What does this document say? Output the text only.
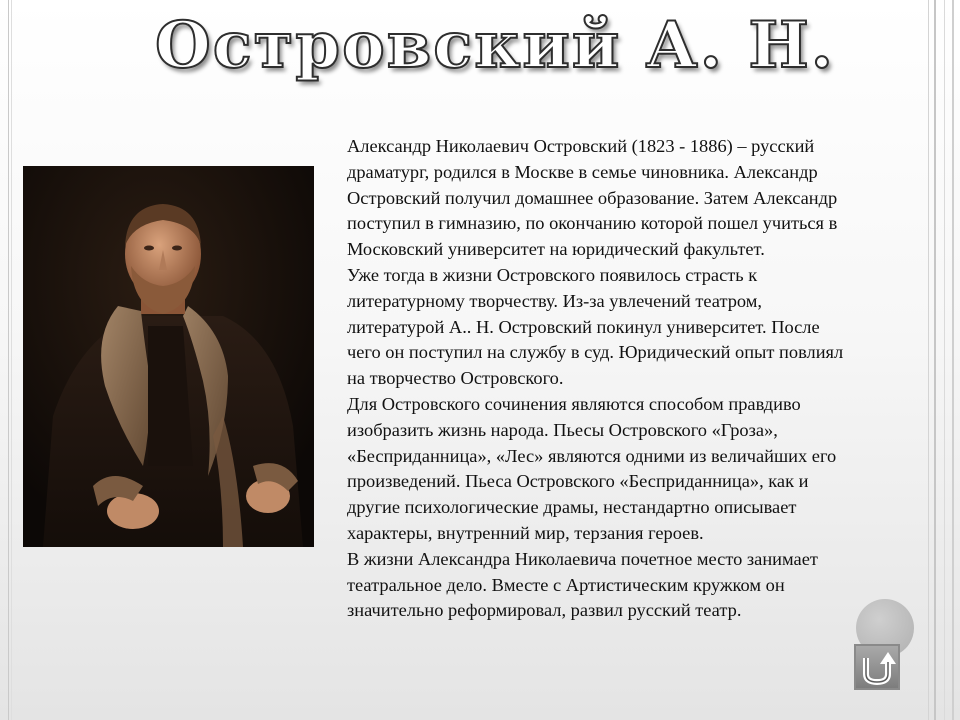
Островский А. Н.

Александр Николаевич Островский (1823 - 1886) – русский

драматург, родился в Москве в семье чиновника. Александр

Островский получил домашнее образование. Затем Александр

поступил в гимназию, по окончанию которой пошел учиться в

Московский университет на юридический факультет.

Уже тогда в жизни Островского появилось страсть к

литературному творчеству. Из-за увлечений театром,

литературой А.. Н. Островский покинул университет. После

чего он поступил на службу в суд. Юридический опыт повлиял

на творчество Островского.

Для Островского сочинения являются способом правдиво

изобразить жизнь народа. Пьесы Островского «Гроза»,

«Бесприданница», «Лес» являются одними из величайших его

произведений. Пьеса Островского «Бесприданница», как и

другие психологические драмы, нестандартно описывает

характеры, внутренний мир, терзания героев.

В жизни Александра Николаевича почетное место занимает

театральное дело. Вместе с Артистическим кружком он

значительно реформировал, развил русский театр.
